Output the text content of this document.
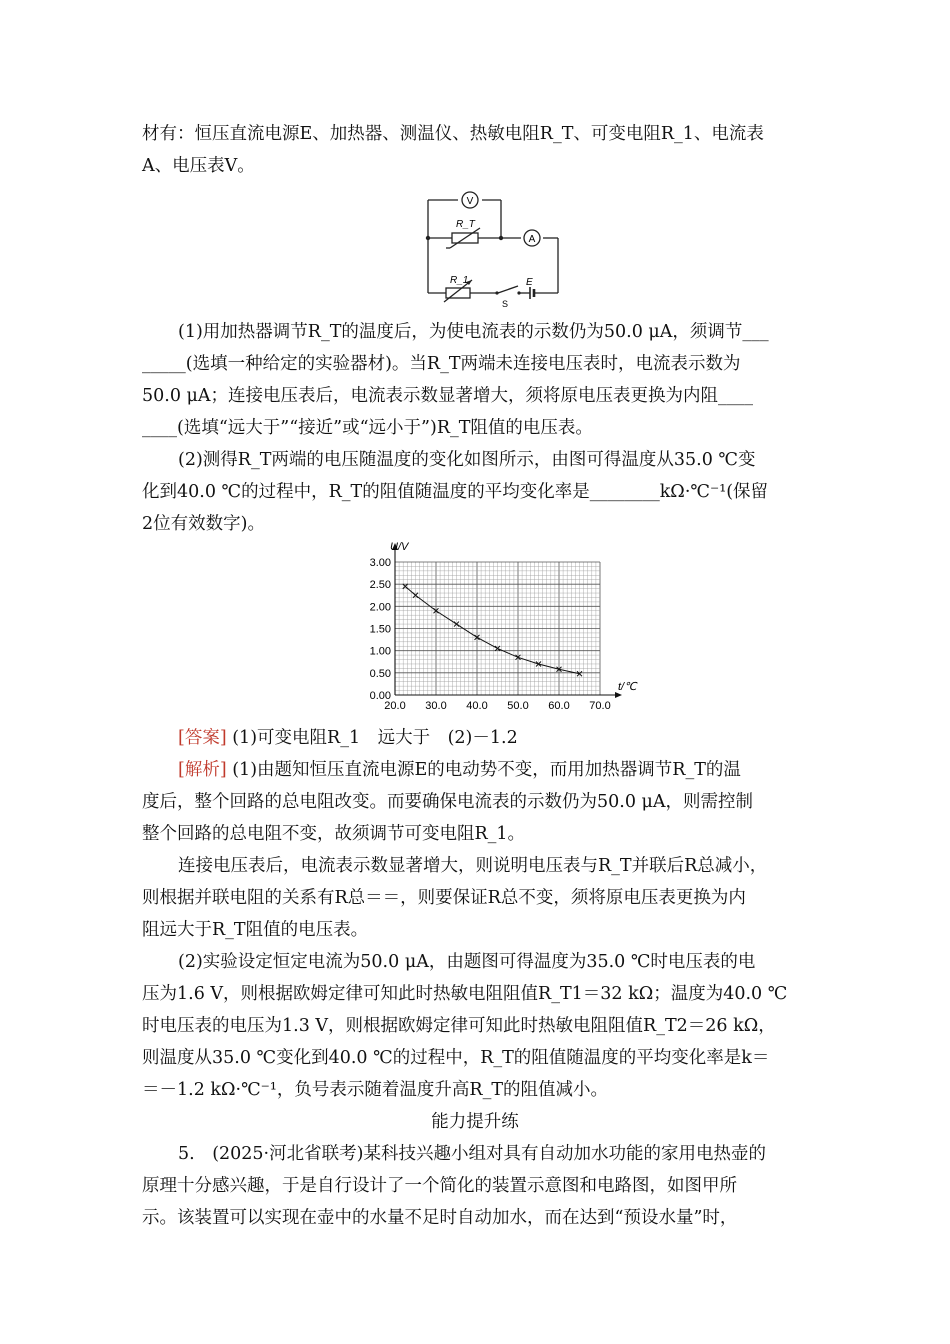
材有：恒压直流电源E、加热器、测温仪、热敏电阻R_T、可变电阻R_1、电流表
A、电压表V。
V
A
R_T
R_1
S
E
(1)用加热器调节R_T的温度后，为使电流表的示数仍为50.0 μA，须调节___
_____(选填一种给定的实验器材)。当R_T两端未连接电压表时，电流表示数为
50.0 μA；连接电压表后，电流表示数显著增大，须将原电压表更换为内阻____
____(选填“远大于”“接近”或“远小于”)R_T阻值的电压表。
(2)测得R_T两端的电压随温度的变化如图所示，由图可得温度从35.0 ℃变
化到40.0 ℃的过程中，R_T的阻值随温度的平均变化率是________kΩ·℃⁻¹(保留
2位有效数字)。
0.00
0.50
1.00
1.50
2.00
2.50
3.00
20.0 30.0 40.0 50.0 60.0 70.0
U/V
t/℃
[答案] (1)可变电阻R_1　远大于　(2)－1.2
[解析] (1)由题知恒压直流电源E的电动势不变，而用加热器调节R_T的温
度后，整个回路的总电阻改变。而要确保电流表的示数仍为50.0 μA，则需控制
整个回路的总电阻不变，故须调节可变电阻R_1。
连接电压表后，电流表示数显著增大，则说明电压表与R_T并联后R总减小，
则根据并联电阻的关系有R总＝＝，则要保证R总不变，须将原电压表更换为内
阻远大于R_T阻值的电压表。
(2)实验设定恒定电流为50.0 μA，由题图可得温度为35.0 ℃时电压表的电
压为1.6 V，则根据欧姆定律可知此时热敏电阻阻值R_T1＝32 kΩ；温度为40.0 ℃
时电压表的电压为1.3 V，则根据欧姆定律可知此时热敏电阻阻值R_T2＝26 kΩ，
则温度从35.0 ℃变化到40.0 ℃的过程中，R_T的阻值随温度的平均变化率是k＝
＝－1.2 kΩ·℃⁻¹，负号表示随着温度升高R_T的阻值减小。
能力提升练
5.　(2025·河北省联考)某科技兴趣小组对具有自动加水功能的家用电热壶的
原理十分感兴趣，于是自行设计了一个简化的装置示意图和电路图，如图甲所
示。该装置可以实现在壶中的水量不足时自动加水，而在达到“预设水量”时，
